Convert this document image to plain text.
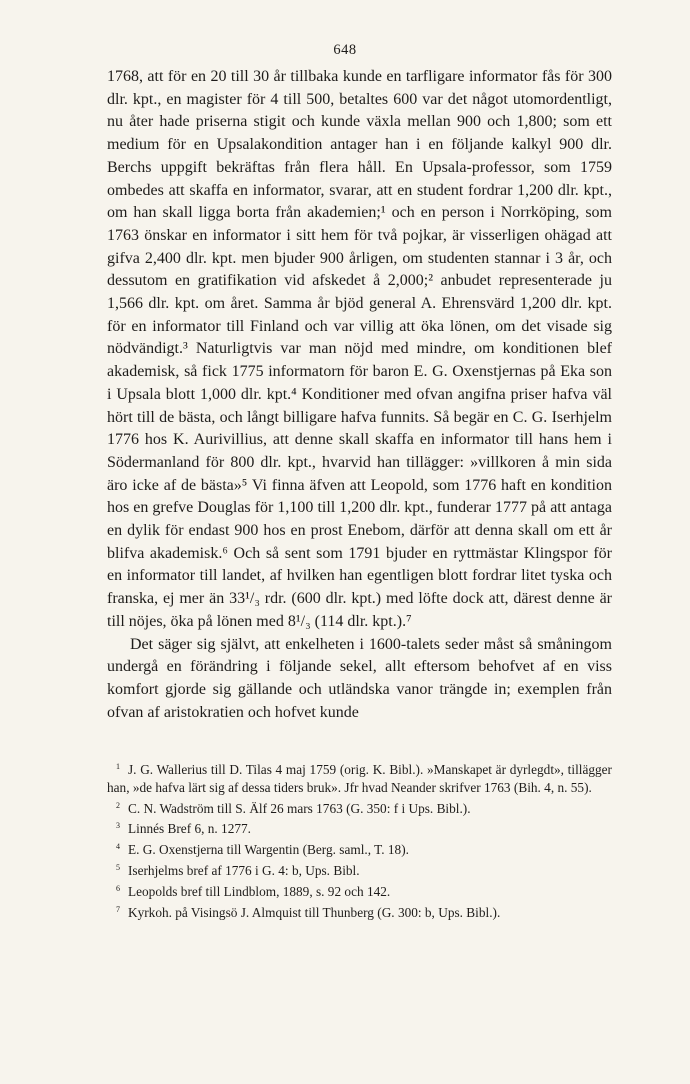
648

1768, att för en 20 till 30 år tillbaka kunde en tarfligare informator fås för 300 dlr. kpt., en magister för 4 till 500, betaltes 600 var det något utomordentligt, nu åter hade priserna stigit och kunde växla mellan 900 och 1,800; som ett medium för en Upsalakondition antager han i en följande kalkyl 900 dlr. Berchs uppgift bekräftas från flera håll. En Upsala-professor, som 1759 ombedes att skaffa en informator, svarar, att en student fordrar 1,200 dlr. kpt., om han skall ligga borta från akademien;¹ och en person i Norrköping, som 1763 önskar en informator i sitt hem för två pojkar, är visserligen ohägad att gifva 2,400 dlr. kpt. men bjuder 900 årligen, om studenten stannar i 3 år, och dessutom en gratifikation vid afskedet å 2,000;² anbudet representerade ju 1,566 dlr. kpt. om året. Samma år bjöd general A. Ehrensvärd 1,200 dlr. kpt. för en informator till Finland och var villig att öka lönen, om det visade sig nödvändigt.³ Naturligtvis var man nöjd med mindre, om konditionen blef akademisk, så fick 1775 informatorn för baron E. G. Oxenstjernas på Eka son i Upsala blott 1,000 dlr. kpt.⁴ Konditioner med ofvan angifna priser hafva väl hört till de bästa, och långt billigare hafva funnits. Så begär en C. G. Iserhjelm 1776 hos K. Aurivillius, att denne skall skaffa en informator till hans hem i Södermanland för 800 dlr. kpt., hvarvid han tillägger: »villkoren å min sida äro icke af de bästa»⁵ Vi finna äfven att Leopold, som 1776 haft en kondition hos en grefve Douglas för 1,100 till 1,200 dlr. kpt., funderar 1777 på att antaga en dylik för endast 900 hos en prost Enebom, därför att denna skall om ett år blifva akademisk.⁶ Och så sent som 1791 bjuder en ryttmästar Klingspor för en informator till landet, af hvilken han egentligen blott fordrar litet tyska och franska, ej mer än 33¹/₃ rdr. (600 dlr. kpt.) med löfte dock att, därest denne är till nöjes, öka på lönen med 8¹/₃ (114 dlr. kpt.).⁷

Det säger sig självt, att enkelheten i 1600-talets seder måst så småningom undergå en förändring i följande sekel, allt eftersom behofvet af en viss komfort gjorde sig gällande och utländska vanor trängde in; exemplen från ofvan af aristokratien och hofvet kunde

$^1$ J. G. Wallerius till D. Tilas 4 maj 1759 (orig. K. Bibl.). »Manskapet är dyrlegdt», tillägger han, »de hafva lärt sig af dessa tiders bruk». Jfr hvad Neander skrifver 1763 (Bih. 4, n. 55).

$^2$ C. N. Wadström till S. Älf 26 mars 1763 (G. 350: f i Ups. Bibl.).

$^3$ Linnés Bref 6, n. 1277.

$^4$ E. G. Oxenstjerna till Wargentin (Berg. saml., T. 18).

$^5$ Iserhjelms bref af 1776 i G. 4: b, Ups. Bibl.

$^6$ Leopolds bref till Lindblom, 1889, s. 92 och 142.

$^7$ Kyrkoh. på Visingsö J. Almquist till Thunberg (G. 300: b, Ups. Bibl.).
